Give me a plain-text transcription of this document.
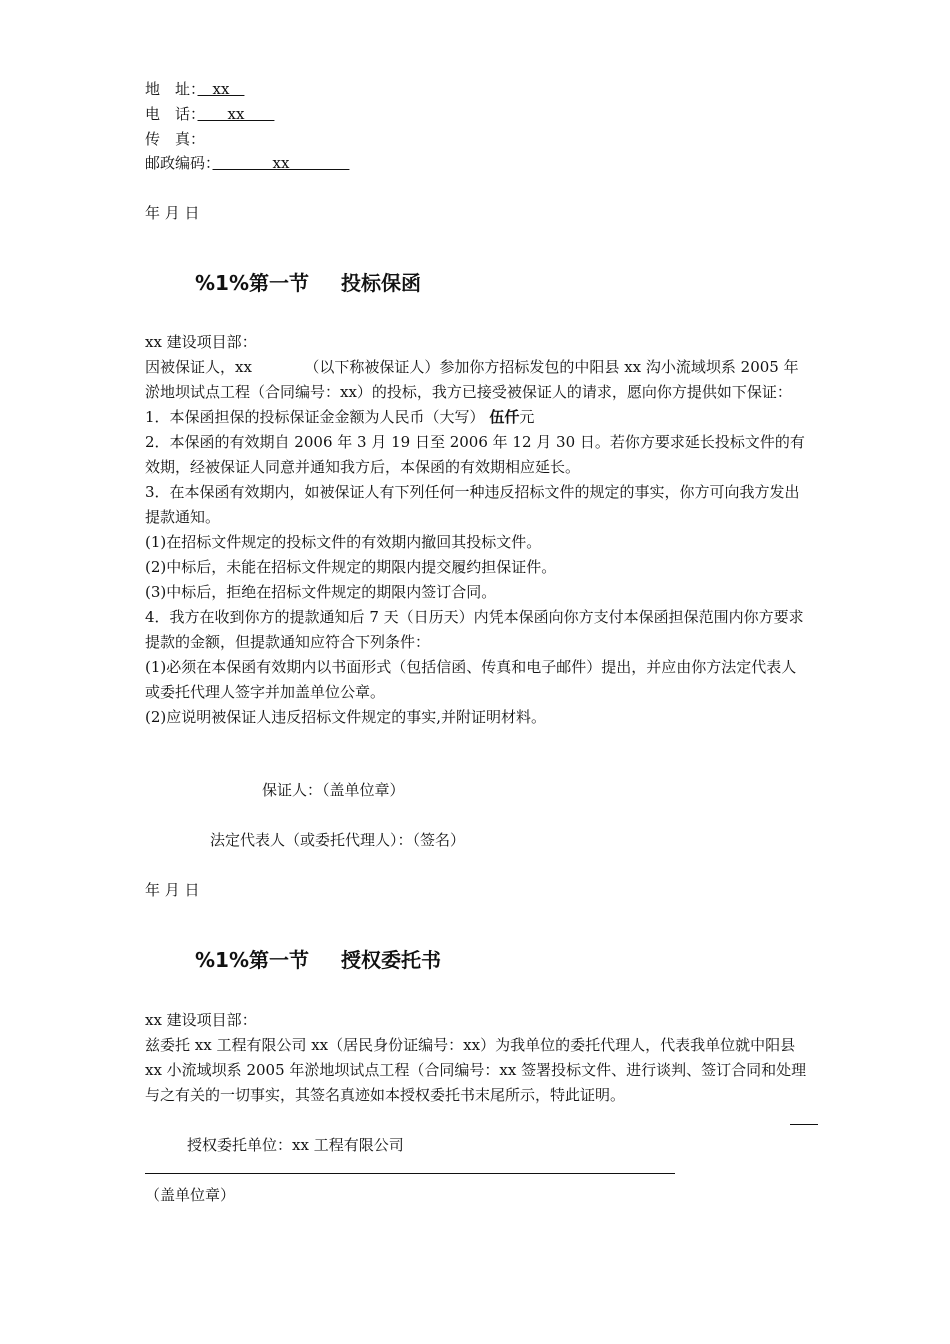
地　址：　xx　
电　话：　　xx　　
传　真：
邮政编码：　　　　xx　　　　
年 月 日
%1%第一节 投标保函
xx 建设项目部：
因被保证人，xx　　　　（以下称被保证人）参加你方招标发包的中阳县 xx 沟小流域坝系 2005 年淤地坝试点工程（合同编号：xx）的投标，我方已接受被保证人的请求，愿向你方提供如下保证：
1．本保函担保的投标保证金金额为人民币（大写） 伍仟元
2．本保函的有效期自 2006 年 3 月 19 日至 2006 年 12 月 30 日。若你方要求延长投标文件的有效期，经被保证人同意并通知我方后，本保函的有效期相应延长。
3．在本保函有效期内，如被保证人有下列任何一种违反招标文件的规定的事实，你方可向我方发出提款通知。
(1)在招标文件规定的投标文件的有效期内撤回其投标文件。
(2)中标后，未能在招标文件规定的期限内提交履约担保证件。
(3)中标后，拒绝在招标文件规定的期限内签订合同。
4．我方在收到你方的提款通知后 7 天（日历天）内凭本保函向你方支付本保函担保范围内你方要求提款的金额，但提款通知应符合下列条件：
(1)必须在本保函有效期内以书面形式（包括信函、传真和电子邮件）提出，并应由你方法定代表人或委托代理人签字并加盖单位公章。
(2)应说明被保证人违反招标文件规定的事实,并附证明材料。
保证人：（盖单位章）
法定代表人（或委托代理人）：（签名）
年 月 日
%1%第一节 授权委托书
xx 建设项目部：
兹委托 xx 工程有限公司 xx（居民身份证编号：xx）为我单位的委托代理人，代表我单位就中阳县 xx 小流域坝系 2005 年淤地坝试点工程（合同编号：xx 签署投标文件、进行谈判、签订合同和处理与之有关的一切事实，其签名真迹如本授权委托书末尾所示，特此证明。
授权委托单位：xx 工程有限公司
（盖单位章）
